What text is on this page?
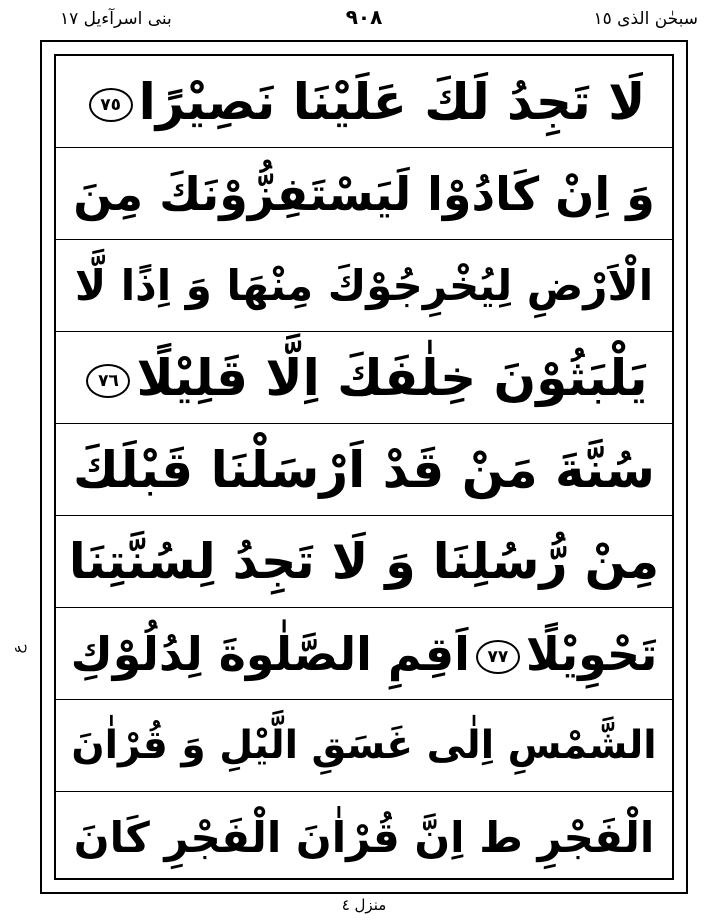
سبحٰن الذی ١٥
٩٠٨
بنی اسرآءیل ١٧
لَا تَجِدُ لَكَ عَلَيْنَا نَصِيْرًا٧٥
وَ اِنْ كَادُوْا لَيَسْتَفِزُّوْنَكَ مِنَ
الْاَرْضِ لِيُخْرِجُوْكَ مِنْهَا وَ اِذًا لَّا
يَلْبَثُوْنَ خِلٰفَكَ اِلَّا قَلِيْلًا٧٦
سُنَّةَ مَنْ قَدْ اَرْسَلْنَا قَبْلَكَ
مِنْ رُّسُلِنَا وَ لَا تَجِدُ لِسُنَّتِنَا
تَحْوِيْلًا٧٧اَقِمِ الصَّلٰوةَ لِدُلُوْكِ
الشَّمْسِ اِلٰى غَسَقِ الَّيْلِ وَ قُرْاٰنَ
الْفَجْرِ ط اِنَّ قُرْاٰنَ الْفَجْرِ كَانَ
ع
منزل ٤
